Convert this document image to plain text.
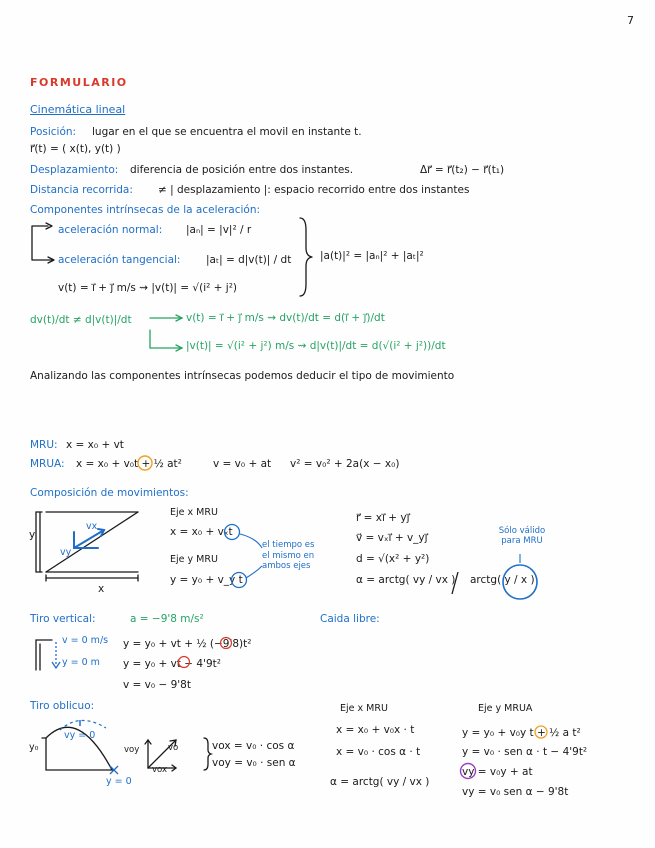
7
FORMULARIO
Cinemática lineal
Posición: lugar en el que se encuentra el movil en instante t.
r⃗(t) = ( x(t), y(t) )
Desplazamiento: diferencia de posición entre dos instantes.	Δr⃗ = r⃗(t₂) − r⃗(t₁)
Distancia recorrida: ≠ | desplazamiento |: espacio recorrido entre dos instantes
Componentes intrínsecas de la aceleración:
aceleración normal: |aₙ| = |v|² / r
aceleración tangencial: |aₜ| = d|v(t)| / dt	|a(t)|² = |aₙ|² + |aₜ|²
v(t) = i⃗ + j⃗ m/s ⇝ |v(t)| = √(i² + j²)
dv(t)/dt ≠ d|v(t)|/dt	v(t) = i⃗ + j⃗ m/s ⇝ dv(t)/dt = d(i⃗ + j⃗)/dt
|v(t)| = √(i² + j²) m/s ⇝ d|v(t)|/dt = d(√(i² + j²))/dt
Analizando las componentes intrínsecas podemos deducir el tipo de movimiento
MRU: x = x₀ + vt
MRUA: x = x₀ + v₀t + ½ at²	v = v₀ + at v² = v₀² + 2a(x − x₀)
Composición de movimientos:
vx
vy
y
x
Eje x MRU
x = x₀ + vₓt
Eje y MRU
y = y₀ + v_y t
el tiempo es el mismo en ambos ejes
r⃗ = xi⃗ + yj⃗
v⃗ = vₓi⃗ + v_yj⃗
d = √(x² + y²)
α = arctg( vy / vx ) arctg( y / x )
Sólo válido para MRU
Tiro vertical:	a = −9'8 m/s²
v = 0 m/s
y = 0 m
y = y₀ + vt + ½ (−9'8)t²
y = y₀ + vt − 4'9t²
v = v₀ − 9'8t
Caida libre:
Tiro oblicuo:
vy = 0
y₀
y = 0
voy	vo
vox
vox = v₀ · cos α
voy = v₀ · sen α
Eje x MRU
x = x₀ + v₀x · t
x = v₀ · cos α · t
α = arctg( vy / vx )
Eje y MRUA
y = y₀ + v₀y t + ½ a t²
y = v₀ · sen α · t − 4'9t²
vy = v₀y + at
vy = v₀ sen α − 9'8t
